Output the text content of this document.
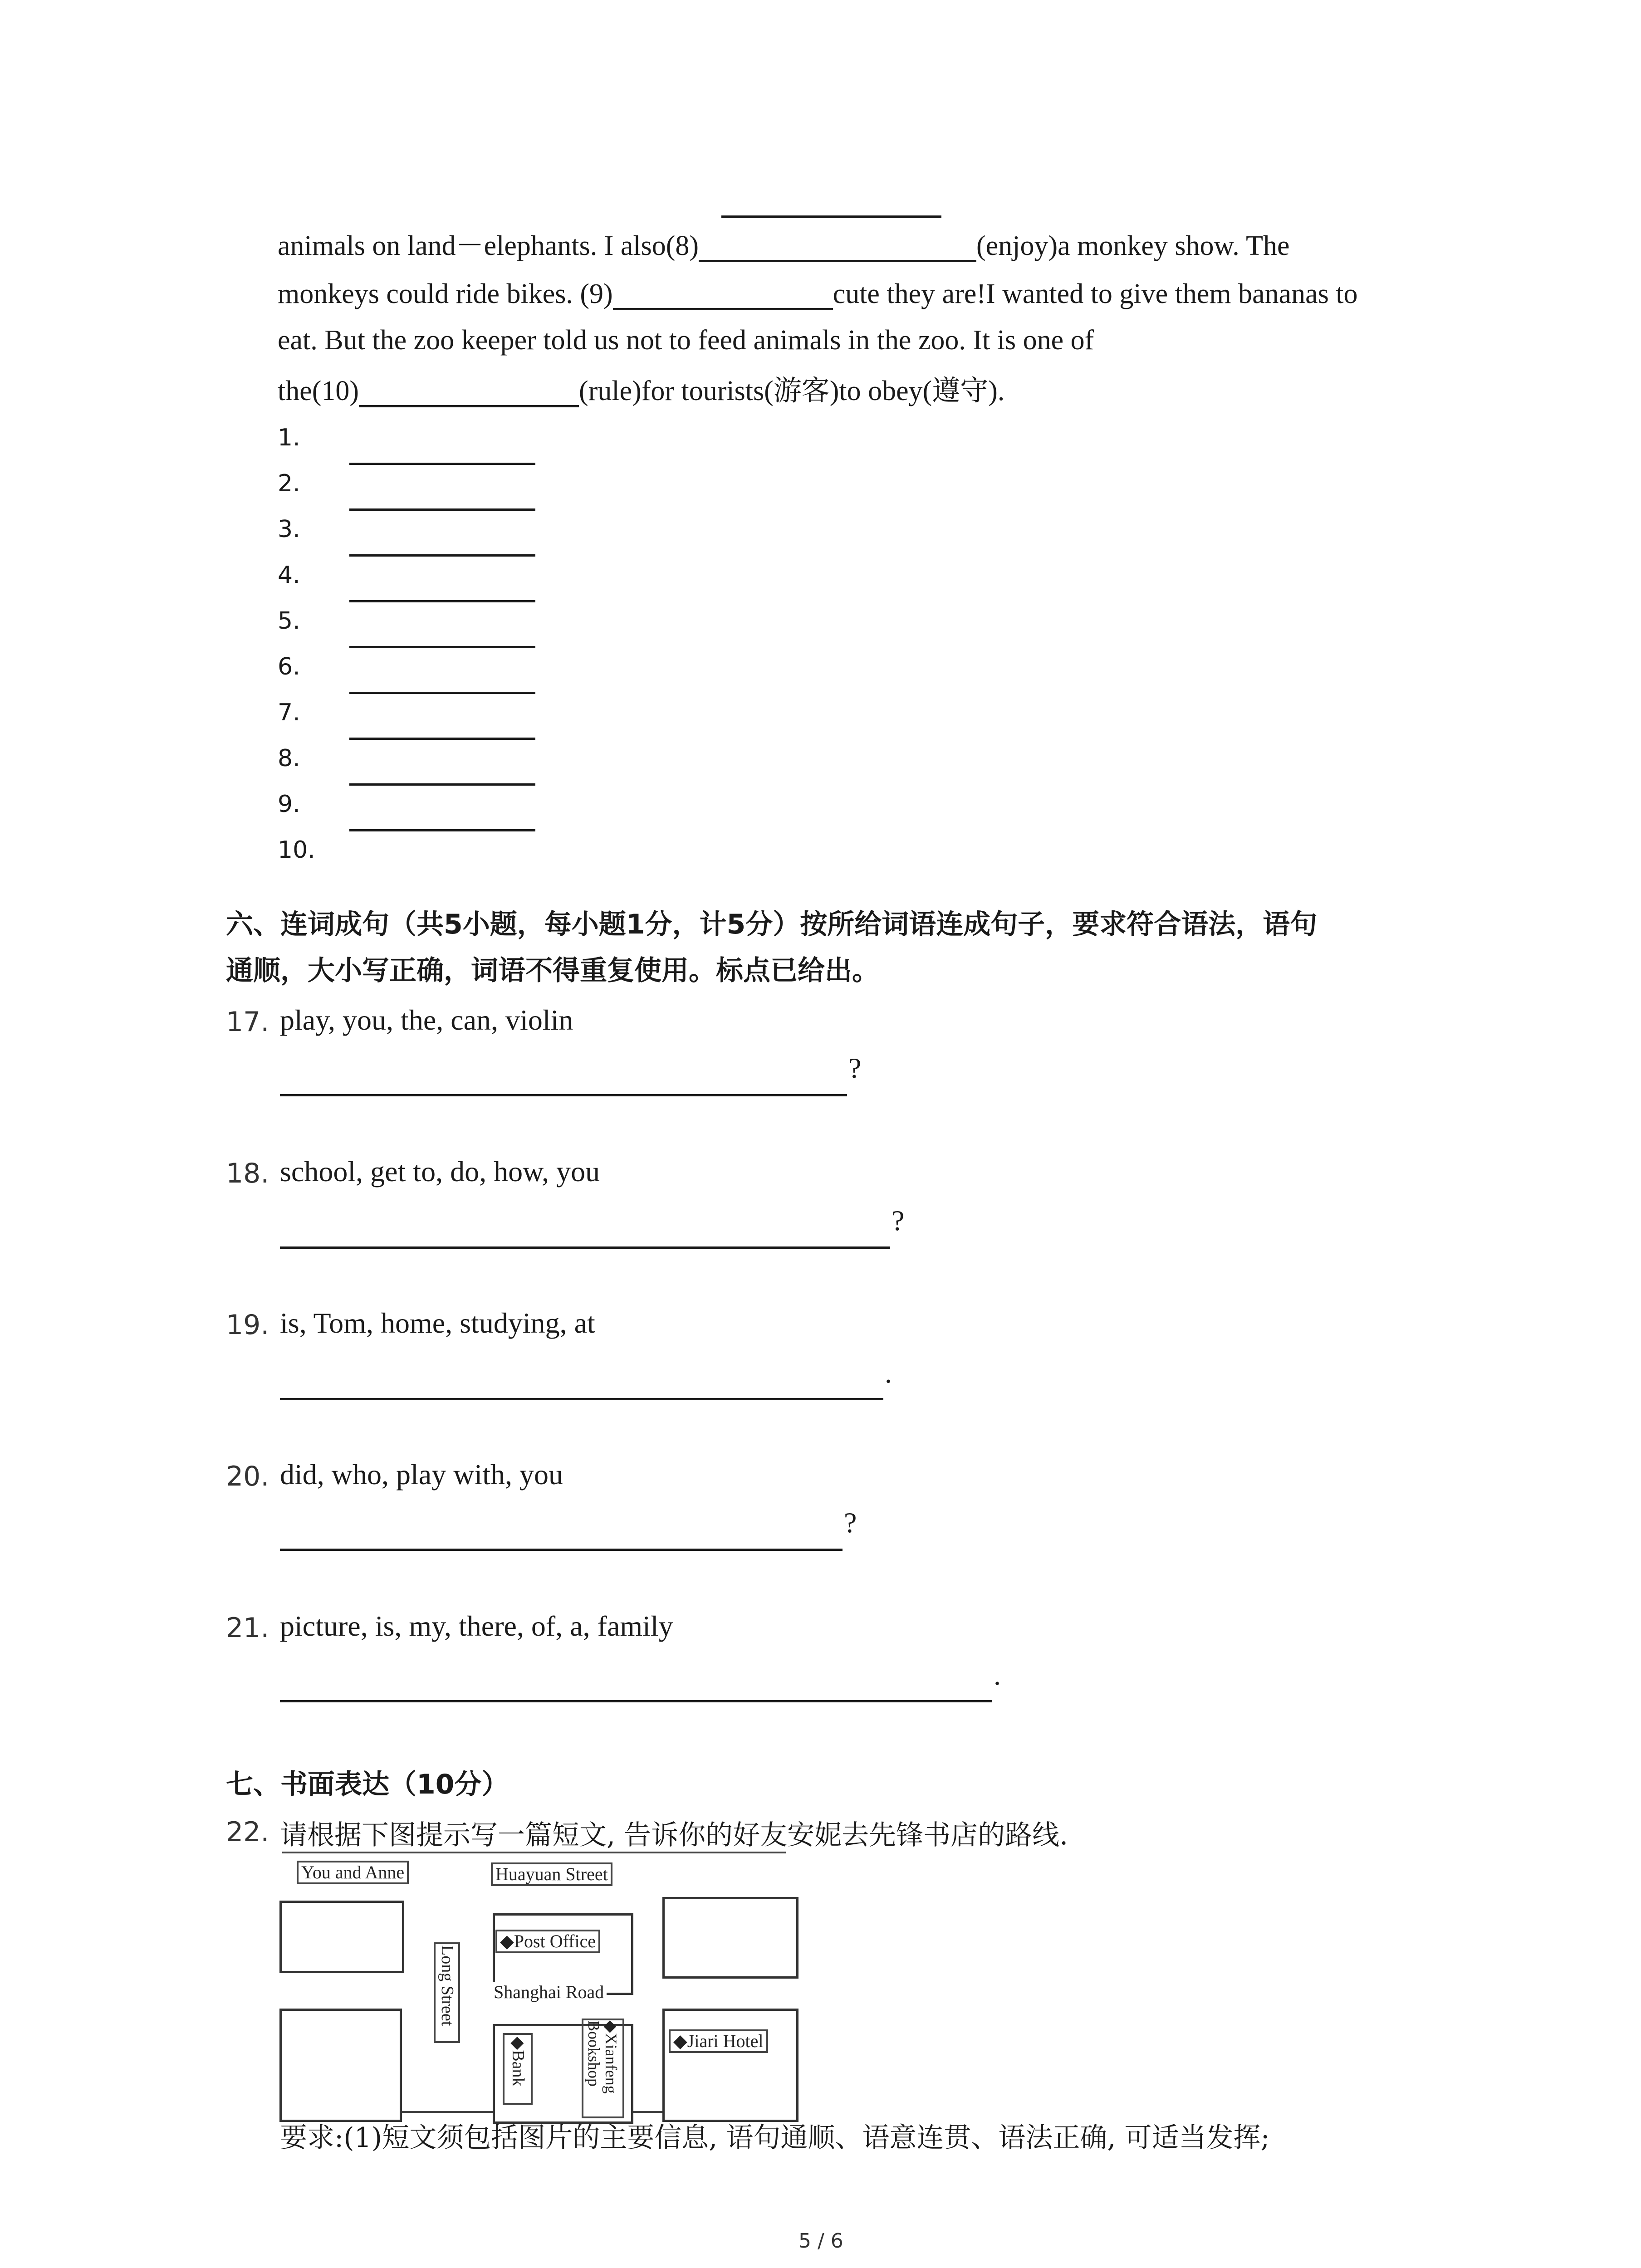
animals on land－elephants. I also(8)	(enjoy)a monkey show. The
monkeys could ride bikes. (9)	cute they are!I wanted to give them bananas to
eat. But the zoo keeper told us not to feed animals in the zoo. It is one of
the(10)	(rule)for tourists(游客)to obey(遵守).
1.
2.
3.
4.
5.
6.
7.
8.
9.
10.
六、连词成句（共5小题，每小题1分，计5分）按所给词语连成句子，要求符合语法，语句
通顺，大小写正确，词语不得重复使用。标点已给出。
17. play, you, the, can, violin
?
18. school, get to, do, how, you
?
19. is, Tom, home, studying, at
.
20. did, who, play with, you
?
21. picture, is, my, there, of, a, family
.
七、书面表达（10分）
22. 请根据下图提示写一篇短文, 告诉你的好友安妮去先锋书店的路线.
You and Anne	Huayuan Street
◆Post Office
Shanghai Road
◆Jiari Hotel
Long Street
◆Bank	◆Xianfeng Bookshop
要求:(1)短文须包括图片的主要信息, 语句通顺、语意连贯、语法正确, 可适当发挥;
5 / 6
